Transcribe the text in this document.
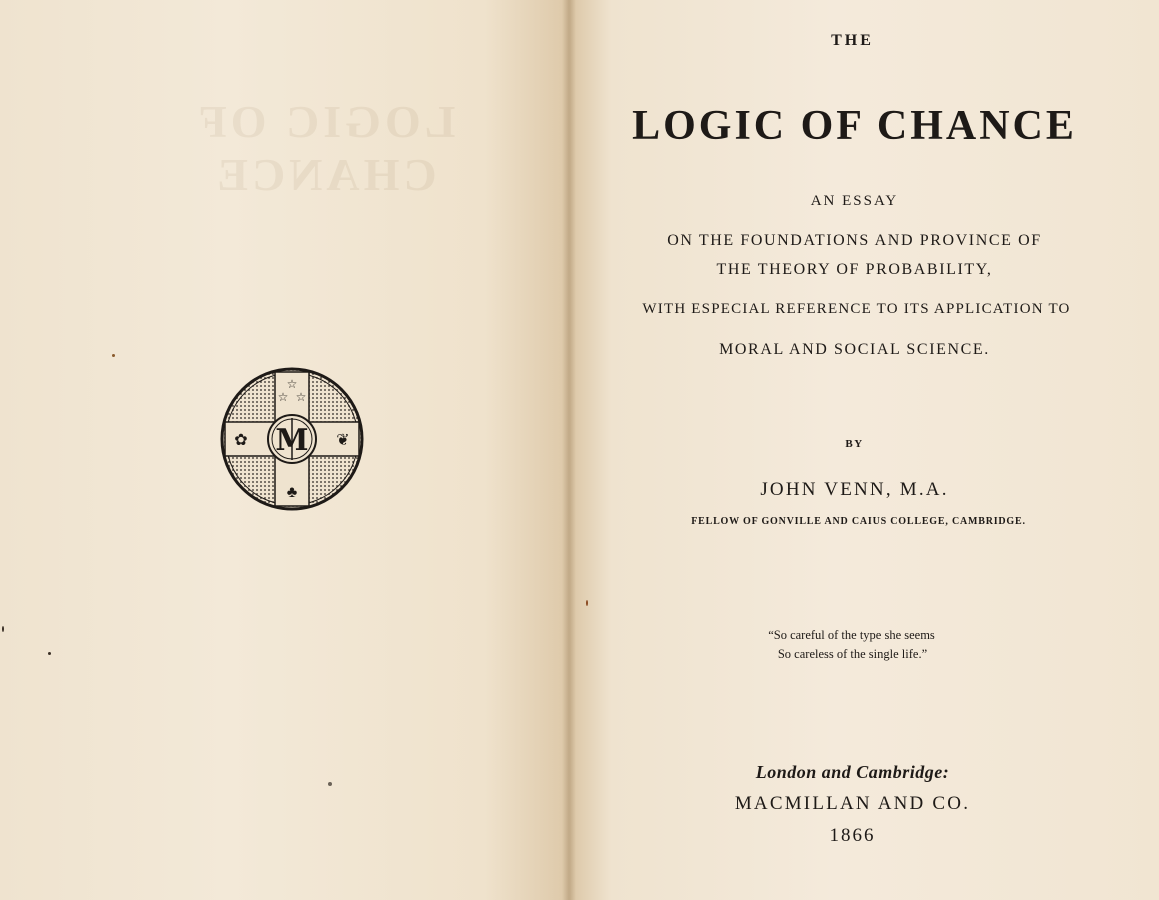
LOGIC OF CHANCE
☆
☆ ☆
✿	❦
♣
M
THE
LOGIC OF CHANCE
AN ESSAY
ON THE FOUNDATIONS AND PROVINCE OF
THE THEORY OF PROBABILITY,
WITH ESPECIAL REFERENCE TO ITS APPLICATION TO
MORAL AND SOCIAL SCIENCE.
BY
JOHN VENN, M.A.
FELLOW OF GONVILLE AND CAIUS COLLEGE, CAMBRIDGE.
“So careful of the type she seems
So careless of the single life.”
London and Cambridge:
MACMILLAN AND CO.
1866
